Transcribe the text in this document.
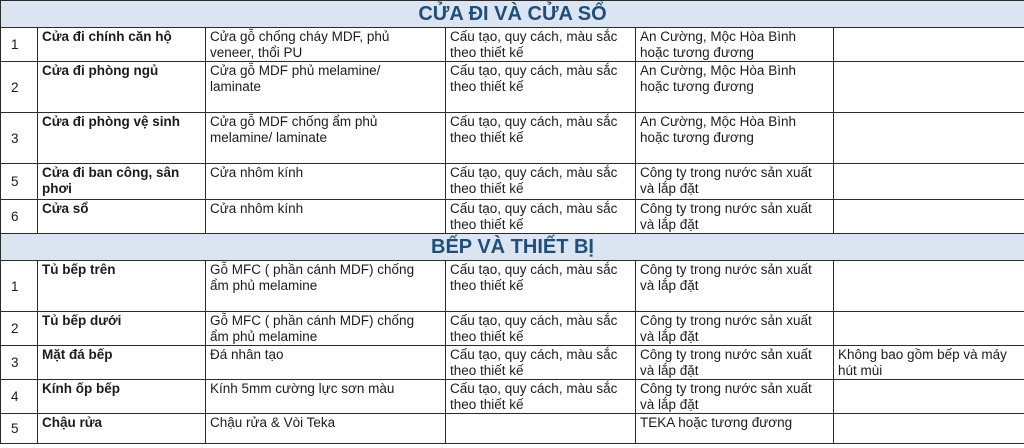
CỬA ĐI VÀ CỬA SỔ					
1	Cửa đi chính căn hộ	Cửa gỗ chống cháy MDF, phủ
veneer, thổi PU	Cấu tạo, quy cách, màu sắc
theo thiết kế	An Cường, Mộc Hòa Bình
hoặc tương đương	
2	Cửa đi phòng ngủ	Cửa gỗ MDF phủ melamine/
laminate	Cấu tạo, quy cách, màu sắc
theo thiết kế	An Cường, Mộc Hòa Bình
hoặc tương đương	
3	Cửa đi phòng vệ sinh	Cửa gỗ MDF chống ẩm phủ
melamine/ laminate	Cấu tạo, quy cách, màu sắc
theo thiết kế	An Cường, Mộc Hòa Bình
hoặc tương đương	
5	Cửa đi ban công, sân
phơi	Cửa nhôm kính	Cấu tạo, quy cách, màu sắc
theo thiết kế	Công ty trong nước sản xuất
và lắp đặt	
6	Cửa sổ	Cửa nhôm kính	Cấu tạo, quy cách, màu sắc
theo thiết kế	Công ty trong nước sản xuất
và lắp đặt	
BẾP VÀ THIẾT BỊ					
1	Tủ bếp trên	Gỗ MFC ( phần cánh MDF) chống
ẩm phủ melamine	Cấu tạo, quy cách, màu sắc
theo thiết kế	Công ty trong nước sản xuất
và lắp đặt	
2	Tủ bếp dưới	Gỗ MFC ( phần cánh MDF) chống
ẩm phủ melamine	Cấu tạo, quy cách, màu sắc
theo thiết kế	Công ty trong nước sản xuất
và lắp đặt	
3	Mặt đá bếp	Đá nhân tạo	Cấu tạo, quy cách, màu sắc
theo thiết kế	Công ty trong nước sản xuất
và lắp đặt	Không bao gồm bếp và máy
hút mùi
4	Kính ốp bếp	Kính 5mm cường lực sơn màu	Cấu tạo, quy cách, màu sắc
theo thiết kế	Công ty trong nước sản xuất
và lắp đặt	
5	Chậu rửa	Chậu rửa & Vòi Teka		TEKA hoặc tương đương	
